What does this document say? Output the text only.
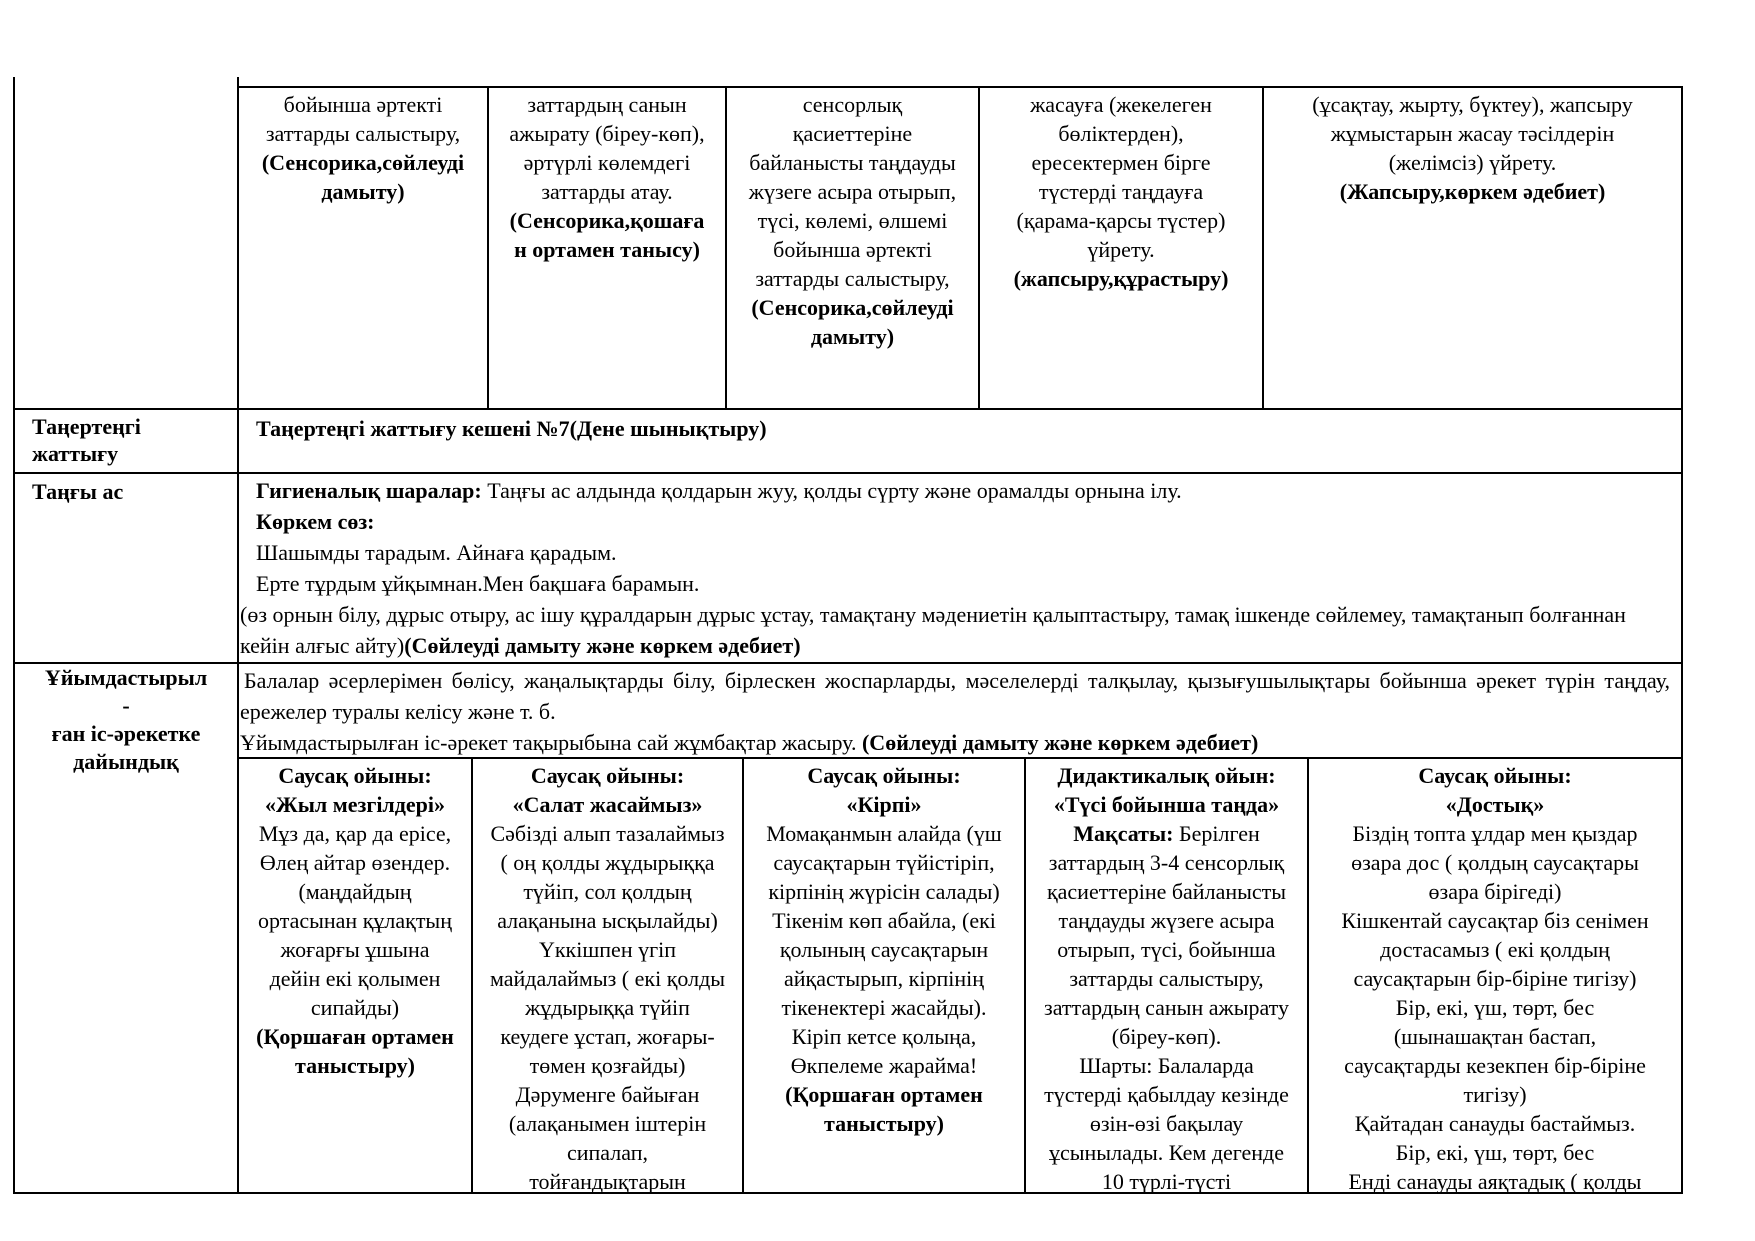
бойынша әртекті

заттарды салыстыру,

(Сенсорика,сөйлеуді

дамыту)

заттардың санын

ажырату (біреу-көп),

әртүрлі көлемдегі

заттарды атау.

(Сенсорика,қошаға

н ортамен танысу)

сенсорлық

қасиеттеріне

байланысты таңдауды

жүзеге асыра отырып,

түсі, көлемі, өлшемі

бойынша әртекті

заттарды салыстыру,

(Сенсорика,сөйлеуді

дамыту)

жасауға (жекелеген

бөліктерден),

ересектермен бірге

түстерді таңдауға

(қарама-қарсы түстер)

үйрету.

(жапсыру,құрастыру)

(ұсақтау, жырту, бүктеу), жапсыру

жұмыстарын жасау тәсілдерін

(желімсіз) үйрету.

(Жапсыру,көркем әдебиет)

Таңертеңгі
жаттығу
Таңертеңгі жаттығу кешені №7(Дене шынықтыру)
Таңғы ас	Гигиеналық шаралар: Таңғы ас алдында қолдарын жуу, қолды сүрту және орамалды орнына ілу.
Көркем сөз:
Шашымды тарадым. Айнаға қарадым.
Ерте тұрдым ұйқымнан.Мен бақшаға барамын.
(өз орнын білу, дұрыс отыру, ас ішу құралдарын дұрыс ұстау, тамақтану мәдениетін қалыптастыру, тамақ ішкенде сөйлемеу, тамақтанып болғаннан кейін алғыс айту)(Сөйлеуді дамыту және көркем әдебиет)
Ұйымдастырыл
-
ған іс-әрекетке
дайындық
Балалар әсерлерімен бөлісу, жаңалықтарды білу, бірлескен жоспарларды, мәселелерді талқылау, қызығушылықтары бойынша әрекет түрін таңдау, ережелер туралы келісу және т. б.
Ұйымдастырылған іс-әрекет тақырыбына сай жұмбақтар жасыру. (Сөйлеуді дамыту және көркем әдебиет)

Саусақ ойыны:

«Жыл мезгілдері»

Мұз да, қар да ерісе,

Өлең айтар өзендер.

(маңдайдың

ортасынан құлақтың

жоғарғы ұшына

дейін екі қолымен

сипайды)

(Қоршаған ортамен

таныстыру)

Саусақ ойыны:

«Салат жасаймыз»

Сәбізді алып тазалаймыз

( оң қолды жұдырыққа

түйіп, сол қолдың

алақанына ысқылайды)

Үккішпен үгіп

майдалаймыз ( екі қолды

жұдырыққа түйіп

кеудеге ұстап, жоғары-

төмен қозғайды)

Дәруменге байыған

(алақанымен іштерін

сипалап,

тойғандықтарын

Саусақ ойыны:

«Кірпі»

Момақанмын алайда (үш

саусақтарын түйістіріп,

кірпінің жүрісін салады)

Тікенім көп абайла, (екі

қолының саусақтарын

айқастырып, кірпінің

тікенектері жасайды).

Кіріп кетсе қолыңа,

Өкпелеме жарайма!

(Қоршаған ортамен

таныстыру)

Дидактикалық ойын:

«Түсі бойынша таңда»

Мақсаты: Берілген

заттардың 3-4 сенсорлық

қасиеттеріне байланысты

таңдауды жүзеге асыра

отырып, түсі, бойынша

заттарды салыстыру,

заттардың санын ажырату

(біреу-көп).

Шарты: Балаларда

түстерді қабылдау кезінде

өзін-өзі бақылау

ұсынылады. Кем дегенде

10 түрлі-түсті

Саусақ ойыны:

«Достық»

Біздің топта ұлдар мен қыздар

өзара дос ( қолдың саусақтары

өзара бірігеді)

Кішкентай саусақтар біз сенімен

достасамыз ( екі қолдың

саусақтарын бір-біріне тигізу)

Бір, екі, үш, төрт, бес

(шынашақтан бастап,

саусақтарды кезекпен бір-біріне

тигізу)

Қайтадан санауды бастаймыз.

Бір, екі, үш, төрт, бес

Енді санауды аяқтадық ( қолды
